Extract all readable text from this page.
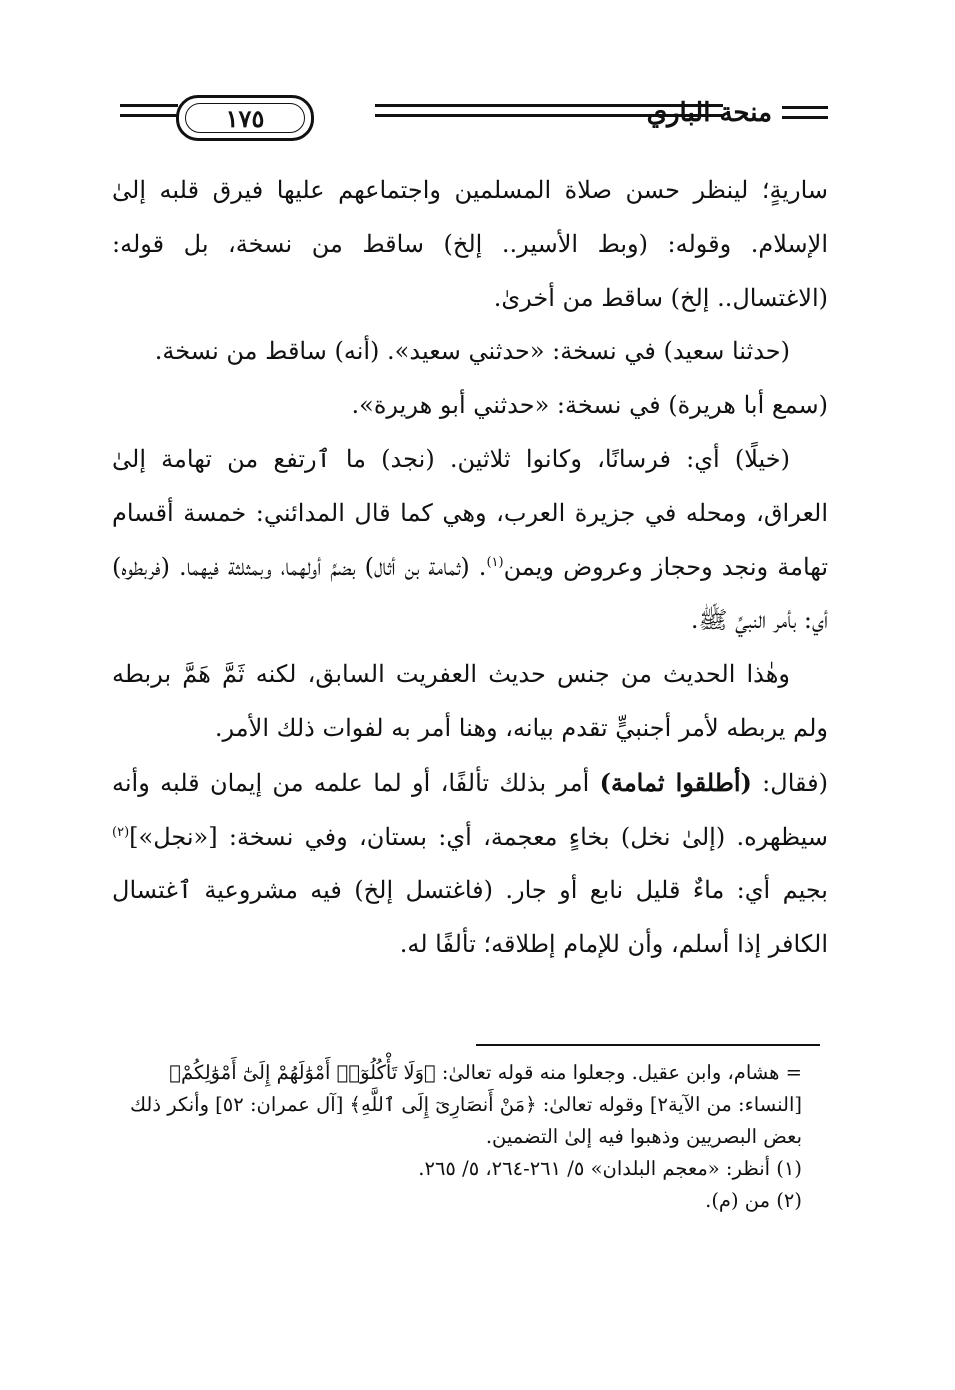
١٧٥	منحة الباري

ساريةٍ؛ لينظر حسن صلاة المسلمين واجتماعهم عليها فيرق قلبه إلىٰ الإسلام. وقوله: (وبط الأسير.. إلخ) ساقط من نسخة، بل قوله: (الاغتسال.. إلخ) ساقط من أخرىٰ.

(حدثنا سعيد) في نسخة: «حدثني سعيد». (أنه) ساقط من نسخة.

(سمع أبا هريرة) في نسخة: «حدثني أبو هريرة».

(خيلًا) أي: فرسانًا، وكانوا ثلاثين. (نجد) ما ٱرتفع من تهامة إلىٰ العراق، ومحله في جزيرة العرب، وهي كما قال المدائني: خمسة أقسام تهامة ونجد وحجاز وعروض ويمن$^{(١)}$. (ثمامة بن أثال) بضمِّ أولهما، وبمثلثة فيهما. (فربطوه) أي: بأمر النبيِّ ﷺ.

وهٰذا الحديث من جنس حديث العفريت السابق، لكنه ثَمَّ هَمَّ بربطه ولم يربطه لأمر أجنبيٍّ تقدم بيانه، وهنا أمر به لفوات ذلك الأمر.

(فقال: (أطلقوا ثمامة) أمر بذلك تألفًا، أو لما علمه من إيمان قلبه وأنه سيظهره. (إلىٰ نخل) بخاءٍ معجمة، أي: بستان، وفي نسخة: [«نجل»]$^{(٢)}$ بجيم أي: ماءٌ قليل نابع أو جار. (فاغتسل إلخ) فيه مشروعية ٱغتسال الكافر إذا أسلم، وأن للإمام إطلاقه؛ تألفًا له.

= هشام، وابن عقيل. وجعلوا منه قوله تعالىٰ: ﴿وَلَا تَأْكُلُوٓا۟ أَمْوَٰلَهُمْ إِلَىٰٓ أَمْوَٰلِكُمْ﴾ [النساء: من الآية٢] وقوله تعالىٰ: ﴿مَنْ أَنصَارِىٓ إِلَى ٱللَّهِ﴾ [آل عمران: ٥٢] وأنكر ذلك بعض البصريين وذهبوا فيه إلىٰ التضمين.

(١) أنظر: «معجم البلدان» ٥/ ٢٦١-٢٦٤، ٥/ ٢٦٥.

(٢) من (م).
